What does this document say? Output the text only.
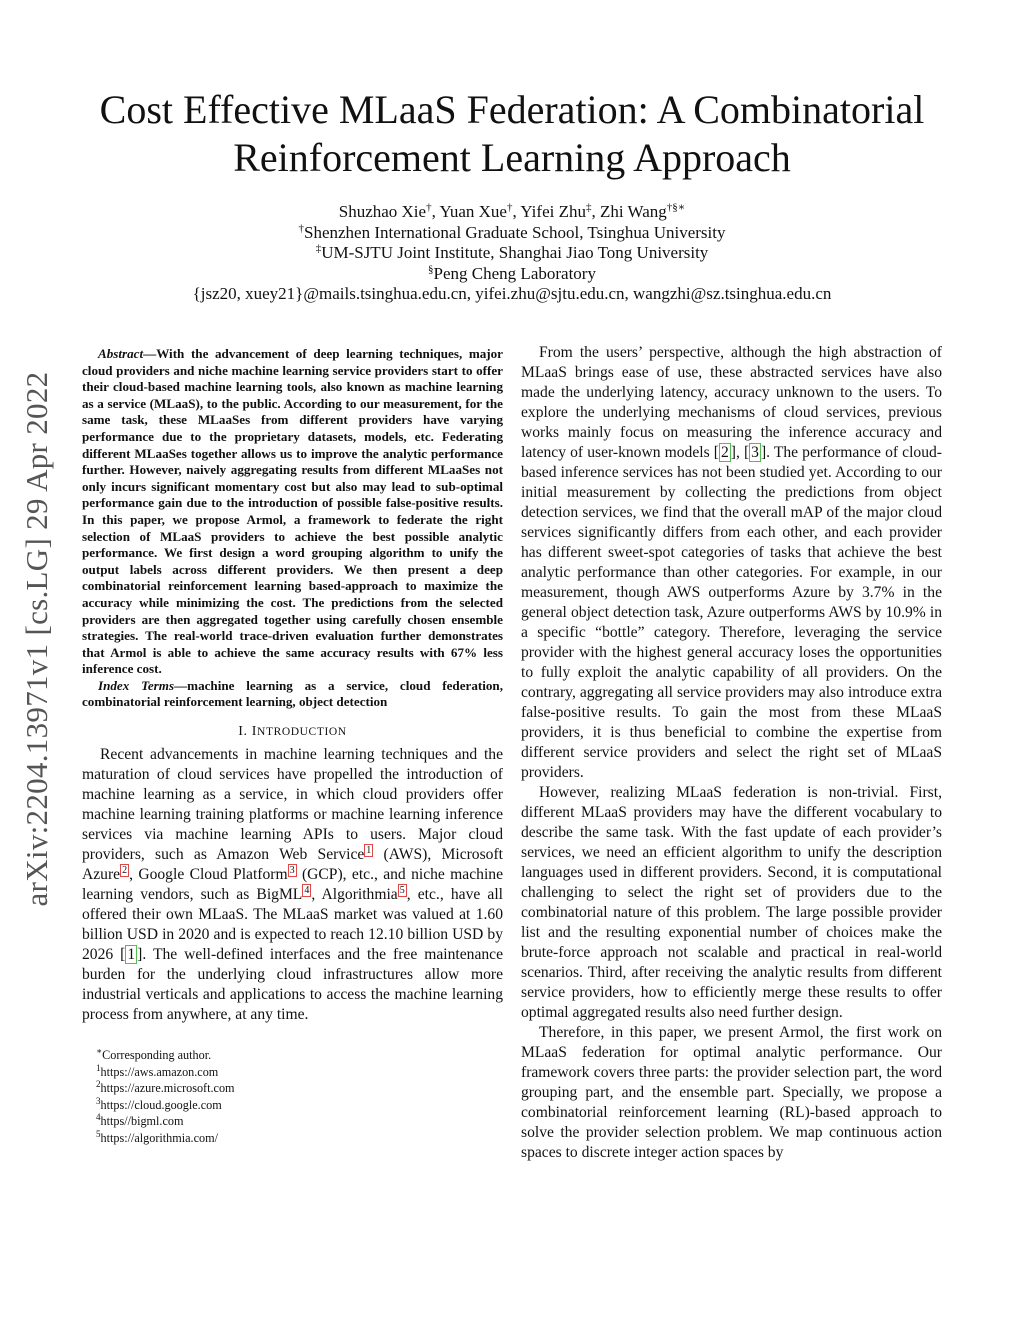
Cost Effective MLaaS Federation: A Combinatorial
Reinforcement Learning Approach
Shuzhao Xie†, Yuan Xue†, Yifei Zhu‡, Zhi Wang†§∗
†Shenzhen International Graduate School, Tsinghua University
‡UM-SJTU Joint Institute, Shanghai Jiao Tong University
§Peng Cheng Laboratory
{jsz20, xuey21}@mails.tsinghua.edu.cn, yifei.zhu@sjtu.edu.cn, wangzhi@sz.tsinghua.edu.cn
arXiv:2204.13971v1 [cs.LG] 29 Apr 2022

Abstract—With the advancement of deep learning techniques, major cloud providers and niche machine learning service providers start to offer their cloud-based machine learning tools, also known as machine learning as a service (MLaaS), to the public. According to our measurement, for the same task, these MLaaSes from different providers have varying performance due to the proprietary datasets, models, etc. Federating different MLaaSes together allows us to improve the analytic performance further. However, naively aggregating results from different MLaaSes not only incurs significant momentary cost but also may lead to sub-optimal performance gain due to the introduction of possible false-positive results. In this paper, we propose Armol, a framework to federate the right selection of MLaaS providers to achieve the best possible analytic performance. We first design a word grouping algorithm to unify the output labels across different providers. We then present a deep combinatorial reinforcement learning based-approach to maximize the accuracy while minimizing the cost. The predictions from the selected providers are then aggregated together using carefully chosen ensemble strategies. The real-world trace-driven evaluation further demonstrates that Armol is able to achieve the same accuracy results with 67% less inference cost.

Index Terms—machine learning as a service, cloud federation, combinatorial reinforcement learning, object detection

I. INTRODUCTION

Recent advancements in machine learning techniques and the maturation of cloud services have propelled the introduction of machine learning as a service, in which cloud providers offer machine learning training platforms or machine learning inference services via machine learning APIs to users. Major cloud providers, such as Amazon Web Service $^1$ (AWS), Microsoft Azure $^2$ , Google Cloud Platform $^3$ (GCP), etc., and niche machine learning vendors, such as BigML $^4$ , Algorithmia $^5$ , etc., have all offered their own MLaaS. The MLaaS market was valued at 1.60 billion USD in 2020 and is expected to reach 12.10 billion USD by 2026 [ 1 ]. The well-defined interfaces and the free maintenance burden for the underlying cloud infrastructures allow more industrial verticals and applications to access the machine learning process from anywhere, at any time.

∗Corresponding author.
$^1$https://aws.amazon.com
$^2$https://azure.microsoft.com
$^3$https://cloud.google.com
$^4$https//bigml.com
$^5$https://algorithmia.com/

From the users’ perspective, although the high abstraction of MLaaS brings ease of use, these abstracted services have also made the underlying latency, accuracy unknown to the users. To explore the underlying mechanisms of cloud services, previous works mainly focus on measuring the inference accuracy and latency of user-known models [ 2 ], [ 3 ]. The performance of cloud-based inference services has not been studied yet. According to our initial measurement by collecting the predictions from object detection services, we find that the overall mAP of the major cloud services significantly differs from each other, and each provider has different sweet-spot categories of tasks that achieve the best analytic performance than other categories. For example, in our measurement, though AWS outperforms Azure by 3.7% in the general object detection task, Azure outperforms AWS by 10.9% in a specific “bottle” category. Therefore, leveraging the service provider with the highest general accuracy loses the opportunities to fully exploit the analytic capability of all providers. On the contrary, aggregating all service providers may also introduce extra false-positive results. To gain the most from these MLaaS providers, it is thus beneficial to combine the expertise from different service providers and select the right set of MLaaS providers.

However, realizing MLaaS federation is non-trivial. First, different MLaaS providers may have the different vocabulary to describe the same task. With the fast update of each provider’s services, we need an efficient algorithm to unify the description languages used in different providers. Second, it is computational challenging to select the right set of providers due to the combinatorial nature of this problem. The large possible provider list and the resulting exponential number of choices make the brute-force approach not scalable and practical in real-world scenarios. Third, after receiving the analytic results from different service providers, how to efficiently merge these results to offer optimal aggregated results also need further design.

Therefore, in this paper, we present Armol, the first work on MLaaS federation for optimal analytic performance. Our framework covers three parts: the provider selection part, the word grouping part, and the ensemble part. Specially, we propose a combinatorial reinforcement learning (RL)-based approach to solve the provider selection problem. We map continuous action spaces to discrete integer action spaces by
